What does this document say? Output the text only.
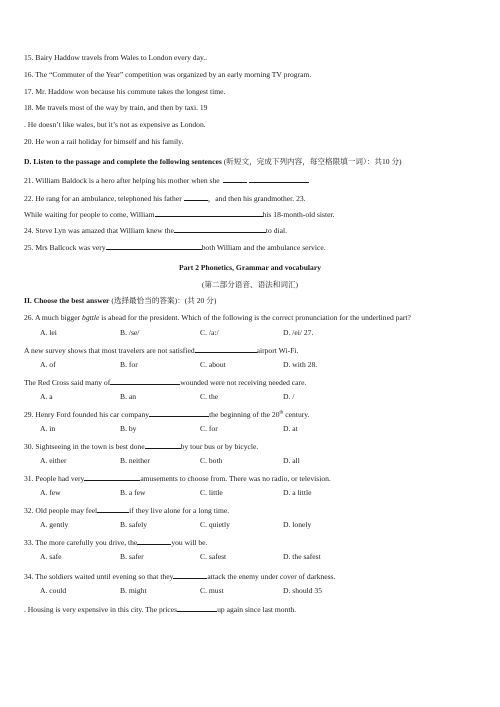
15. Bairy Haddow travels from Wales to London every day..
16. The “Commuter of the Year” competition was organized by an early morning TV program.
17. Mr. Haddow won because his commute takes the longest time.
18. Me travels most of the way by train, and then by taxi. 19
. He doesn’t like wales, but it’s not as expensive as London.
20. He won a rail holiday for himself and his family.
D. Listen to the passage and complete the following sentences (听短文，完成下列内容，每空格限填一词）：共10 分)
21. William Baldock is a hero after helping his mother when she
22. He rang for an ambulance, telephoned his father	，and then his grandmother. 23.
While waiting for people to come, William	his 18-month-old sister.
24. Steve Lyn was amazed that William knew the	to dial.
25. Mrs Ballcock was very	both William and the ambulance service.
Part 2 Phonetics, Grammar and vocabulary
(第二部分语音、语法和词汇)
II. Choose the best answer (选择最恰当的答案)：(共 20 分)
26. A much bigger bgttle is ahead for the president. Which of the following is the correct pronunciation for the underlined part?
A. lei	B. /se/	C. /a:/	D. /ei/ 27.
A new survey shows that most travelers are not satisfied	airport Wi-Fi.
A. of	B. for	C. about	D. with 28.
The Red Cross said many of	wounded were not receiving needed care.
A. a	B. an	C. the	D. /
29. Henry Ford founded his car company	the beginning of the 20th century.
A. in	B. by	C. for	D. at
30. Sightseeing in the town is best done	by tour bus or by bicycle.
A. either	B. neither	C. both	D. all
31. People had very	amusements to choose from. There was no radio, or television.
A. few	B. a few	C. little	D. a little
32. Old people may feel	if they live alone for a long time.
A. gently	B. safely	C. quietly	D. lonely
33. The more carefully you drive, the	you will be.
A. safe	B. safer	C. safest	D. the safest
34. The soldiers waited until evening so that they	attack the enemy under cover of darkness.
A. could	B. might	C. must	D. should 35
. Housing is very expensive in this city. The prices	up again since last month.
